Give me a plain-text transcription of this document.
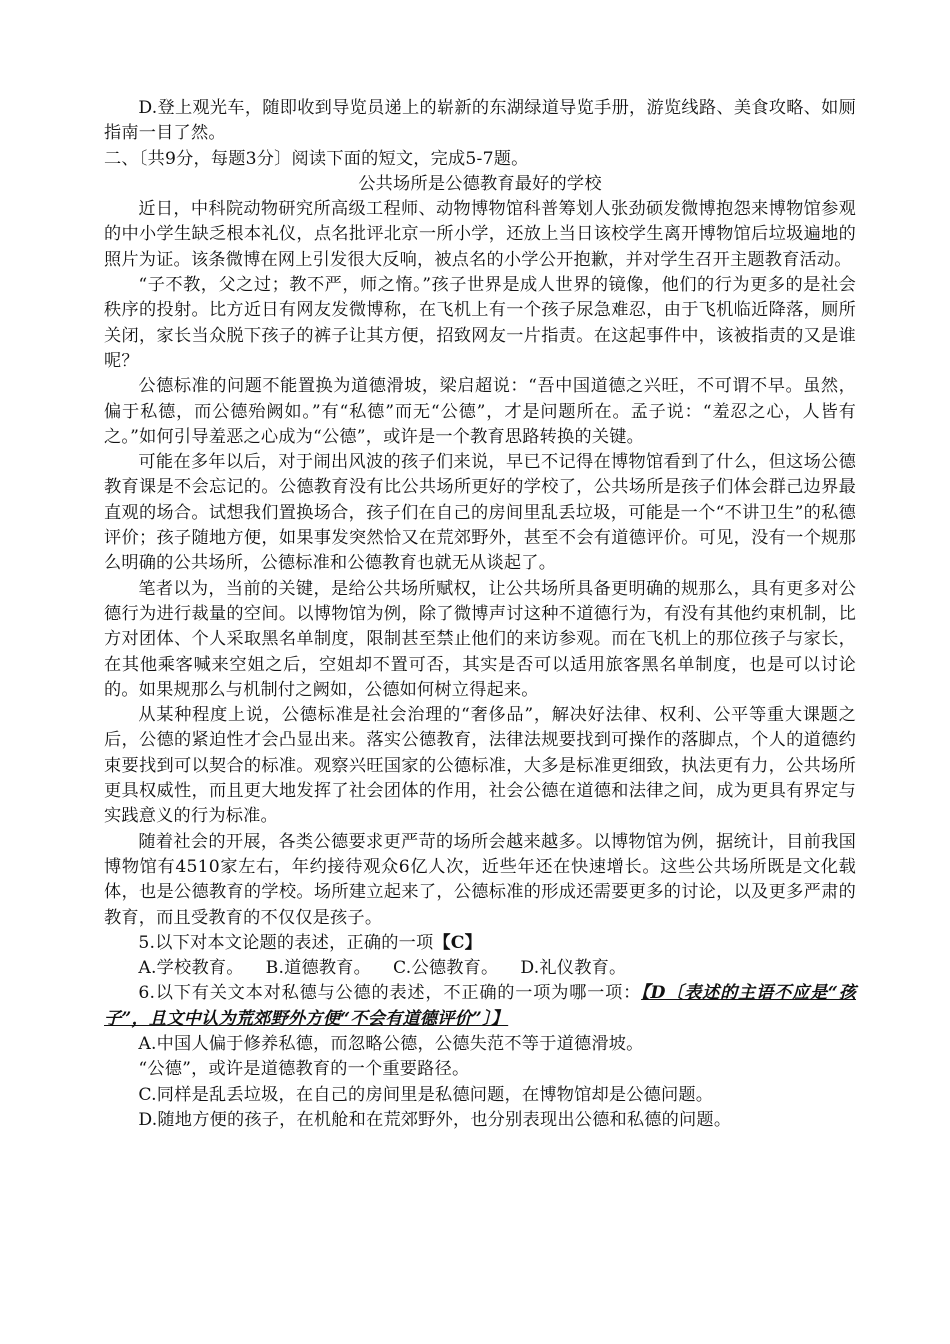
D.登上观光车，随即收到导览员递上的崭新的东湖绿道导览手册，游览线路、美食攻略、如厕指南一目了然。

二、〔共9分，每题3分〕阅读下面的短文，完成5-7题。

公共场所是公德教育最好的学校

近日，中科院动物研究所高级工程师、动物博物馆科普筹划人张劲硕发微博抱怨来博物馆参观的中小学生缺乏根本礼仪，点名批评北京一所小学，还放上当日该校学生离开博物馆后垃圾遍地的照片为证。该条微博在网上引发很大反响，被点名的小学公开抱歉，并对学生召开主题教育活动。

“子不教，父之过；教不严，师之惰。”孩子世界是成人世界的镜像，他们的行为更多的是社会秩序的投射。比方近日有网友发微博称，在飞机上有一个孩子尿急难忍，由于飞机临近降落，厕所关闭，家长当众脱下孩子的裤子让其方便，招致网友一片指责。在这起事件中，该被指责的又是谁呢？

公德标准的问题不能置换为道德滑坡，梁启超说：“吾中国道德之兴旺，不可谓不早。虽然，偏于私德，而公德殆阙如。”有“私德”而无“公德”，才是问题所在。孟子说：“羞忍之心，人皆有之。”如何引导羞恶之心成为“公德”，或许是一个教育思路转换的关键。

可能在多年以后，对于闹出风波的孩子们来说，早已不记得在博物馆看到了什么，但这场公德教育课是不会忘记的。公德教育没有比公共场所更好的学校了，公共场所是孩子们体会群己边界最直观的场合。试想我们置换场合，孩子们在自己的房间里乱丢垃圾，可能是一个“不讲卫生”的私德评价；孩子随地方便，如果事发突然恰又在荒郊野外，甚至不会有道德评价。可见，没有一个规那么明确的公共场所，公德标准和公德教育也就无从谈起了。

笔者以为，当前的关键，是给公共场所赋权，让公共场所具备更明确的规那么，具有更多对公德行为进行裁量的空间。以博物馆为例，除了微博声讨这种不道德行为，有没有其他约束机制，比方对团体、个人采取黑名单制度，限制甚至禁止他们的来访参观。而在飞机上的那位孩子与家长，在其他乘客喊来空姐之后，空姐却不置可否，其实是否可以适用旅客黑名单制度，也是可以讨论的。如果规那么与机制付之阙如，公德如何树立得起来。

从某种程度上说，公德标准是社会治理的“奢侈品”，解决好法律、权利、公平等重大课题之后，公德的紧迫性才会凸显出来。落实公德教育，法律法规要找到可操作的落脚点，个人的道德约束要找到可以契合的标准。观察兴旺国家的公德标准，大多是标准更细致，执法更有力，公共场所更具权威性，而且更大地发挥了社会团体的作用，社会公德在道德和法律之间，成为更具有界定与实践意义的行为标准。

随着社会的开展，各类公德要求更严苛的场所会越来越多。以博物馆为例，据统计，目前我国博物馆有4510家左右，年约接待观众6亿人次，近些年还在快速增长。这些公共场所既是文化载体，也是公德教育的学校。场所建立起来了，公德标准的形成还需要更多的讨论，以及更多严肃的教育，而且受教育的不仅仅是孩子。

5.以下对本文论题的表述，正确的一项【C】

A.学校教育。 B.道德教育。 C.公德教育。 D.礼仪教育。

6.以下有关文本对私德与公德的表述，不正确的一项为哪一项：【D〔表述的主语不应是“孩子”，且文中认为荒郊野外方便“不会有道德评价”〕】

A.中国人偏于修养私德，而忽略公德，公德失范不等于道德滑坡。

“公德”，或许是道德教育的一个重要路径。

C.同样是乱丢垃圾，在自己的房间里是私德问题，在博物馆却是公德问题。

D.随地方便的孩子，在机舱和在荒郊野外，也分别表现出公德和私德的问题。
